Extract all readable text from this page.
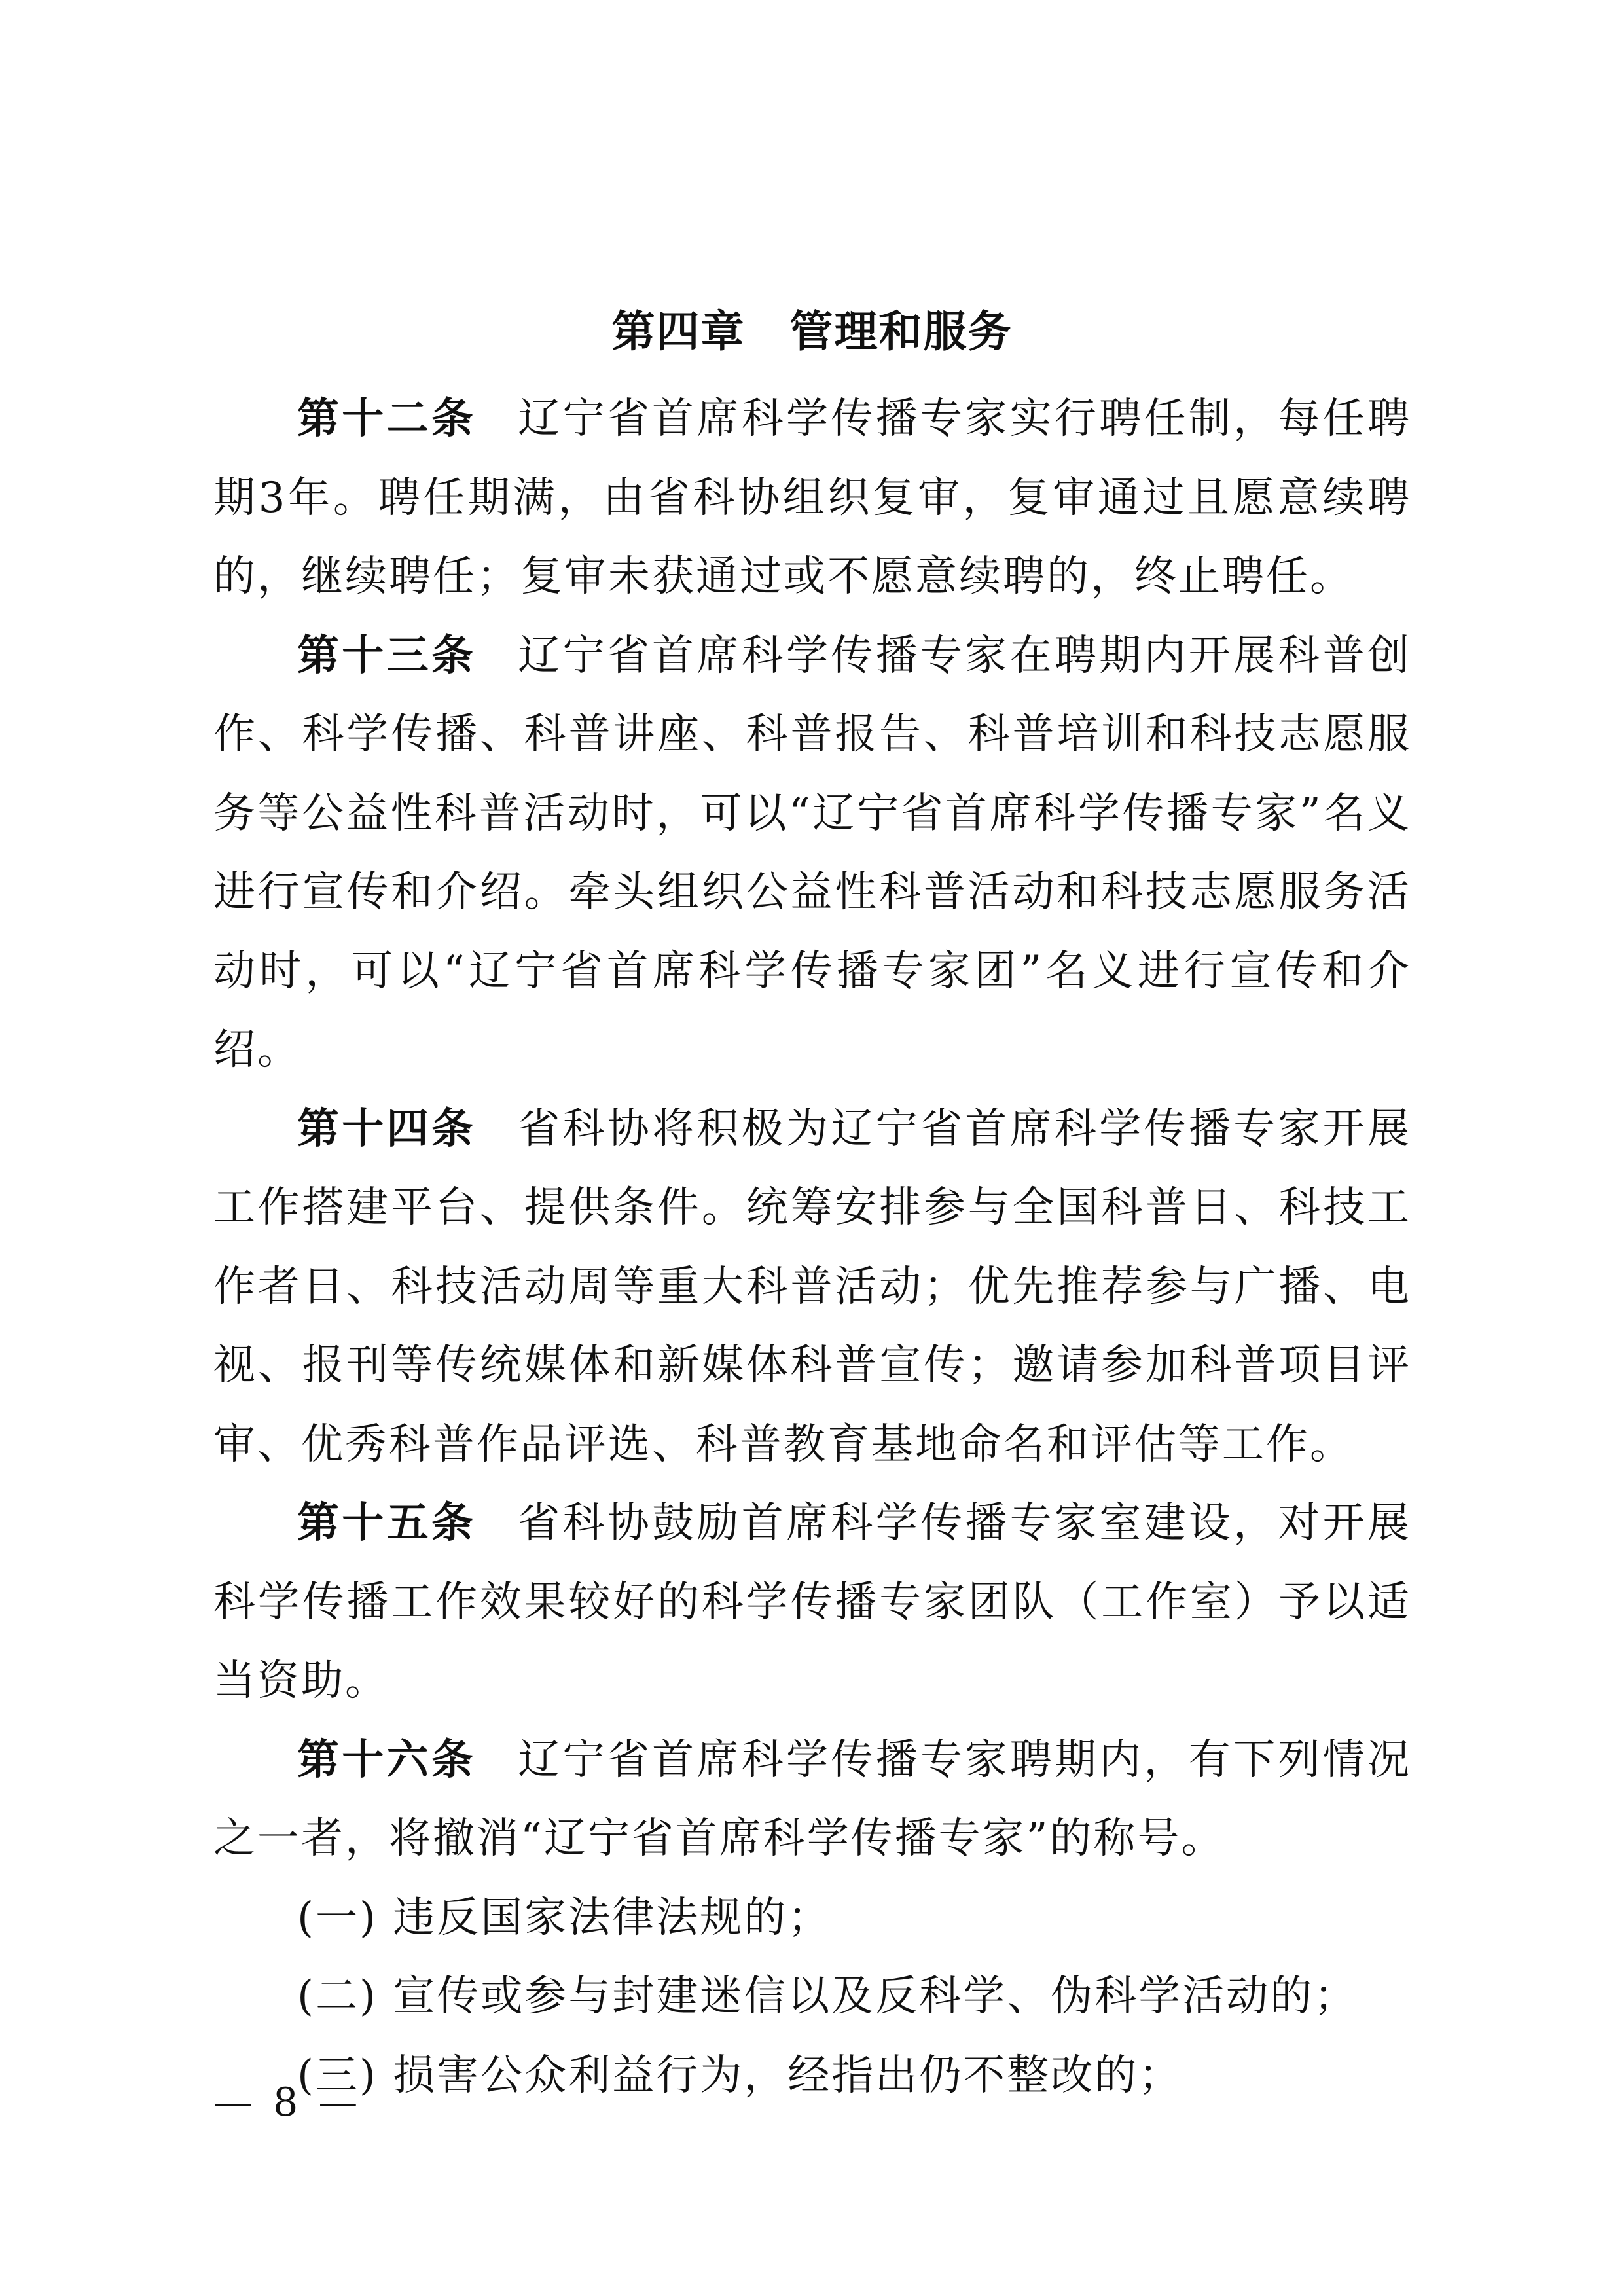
第四章　管理和服务

第十二条 辽宁省首席科学传播专家实行聘任制，每任聘期3年。聘任期满，由省科协组织复审，复审通过且愿意续聘的，继续聘任；复审未获通过或不愿意续聘的，终止聘任。

第十三条 辽宁省首席科学传播专家在聘期内开展科普创作、科学传播、科普讲座、科普报告、科普培训和科技志愿服务等公益性科普活动时，可以“辽宁省首席科学传播专家”名义进行宣传和介绍。牵头组织公益性科普活动和科技志愿服务活动时，可以“辽宁省首席科学传播专家团”名义进行宣传和介绍。

第十四条 省科协将积极为辽宁省首席科学传播专家开展工作搭建平台、提供条件。统筹安排参与全国科普日、科技工作者日、科技活动周等重大科普活动；优先推荐参与广播、电视、报刊等传统媒体和新媒体科普宣传；邀请参加科普项目评审、优秀科普作品评选、科普教育基地命名和评估等工作。

第十五条 省科协鼓励首席科学传播专家室建设，对开展科学传播工作效果较好的科学传播专家团队（工作室）予以适当资助。

第十六条 辽宁省首席科学传播专家聘期内，有下列情况之一者，将撤消“辽宁省首席科学传播专家”的称号。

(一) 违反国家法律法规的；

(二) 宣传或参与封建迷信以及反科学、伪科学活动的；

(三) 损害公众利益行为，经指出仍不整改的；

— 8 —
